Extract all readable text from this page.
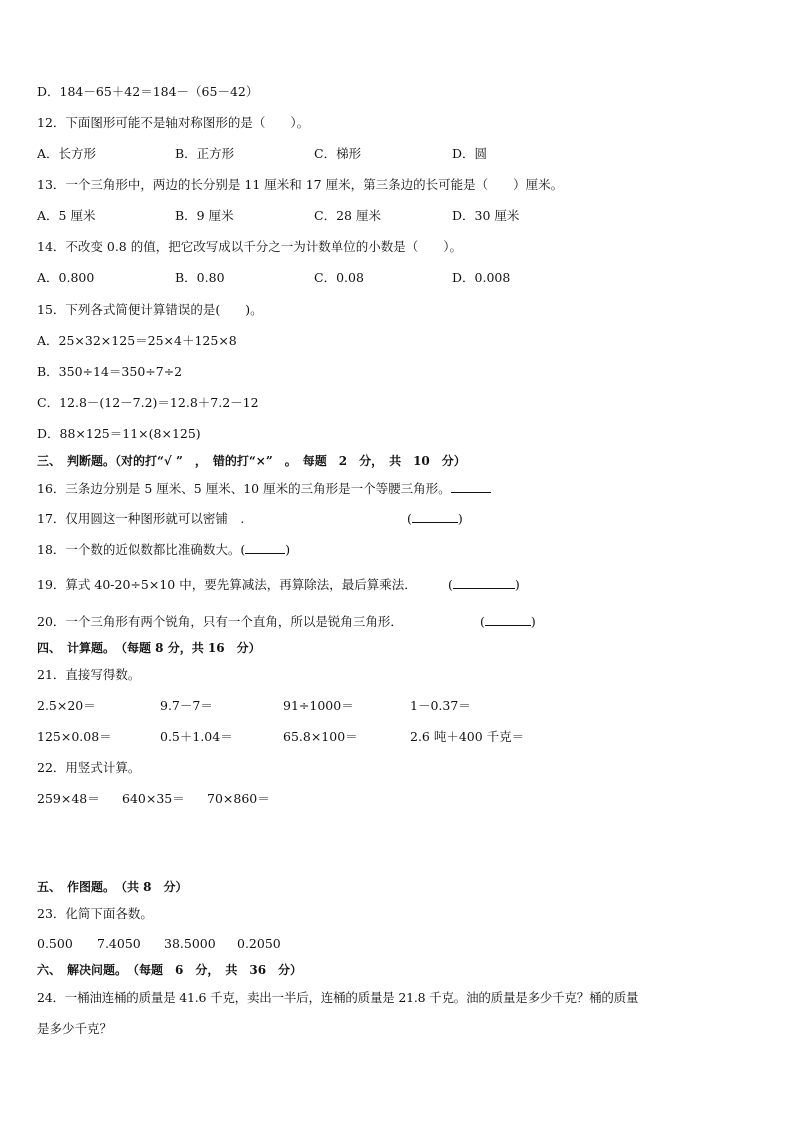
D．184－65＋42＝184－（65－42）
12．下面图形可能不是轴对称图形的是（　　）。
A．长方形	B．正方形	C．梯形	D．圆
13．一个三角形中，两边的长分别是 11 厘米和 17 厘米，第三条边的长可能是（　　）厘米。
A．5 厘米	B．9 厘米	C．28 厘米	D．30 厘米
14．不改变 0.8 的值，把它改写成以千分之一为计数单位的小数是（　　）。
A．0.800	B．0.80	C．0.08	D．0.008
15．下列各式简便计算错误的是(　　)。
A．25×32×125＝25×4＋125×8
B．350÷14＝350÷7÷2
C．12.8－(12－7.2)＝12.8＋7.2－12
D．88×125＝11×(8×125)
三、　判断题。（对的打“√ ”　，　错的打“×”　。　每题　2　分，　共　10　分）
16．三条边分别是 5 厘米、5 厘米、10 厘米的三角形是一个等腰三角形。
17．仅用圆这一种图形就可以密铺　.	(	)
18．一个数的近似数都比准确数大。(	)
19．算式 40-20÷5×10 中，要先算减法，再算除法，最后算乘法．	(	)
20．一个三角形有两个锐角，只有一个直角，所以是锐角三角形．	(	)
四、　计算题。　（每题 8 分，共 16　分）
21．直接写得数。
2.5×20＝	9.7－7＝	91÷1000＝	1－0.37＝
125×0.08＝	0.5＋1.04＝	65.8×100＝	2.6 吨＋400 千克＝
22．用竖式计算。
259×48＝ 640×35＝ 70×860＝
五、　作图题。　（共 8　分）
23．化简下面各数。
0.500 7.4050 38.5000 0.2050
六、　解决问题。　（每题　6　分，　共　36　分）
24．一桶油连桶的质量是 41.6 千克，卖出一半后，连桶的质量是 21.8 千克。油的质量是多少千克？桶的质量
是多少千克？
